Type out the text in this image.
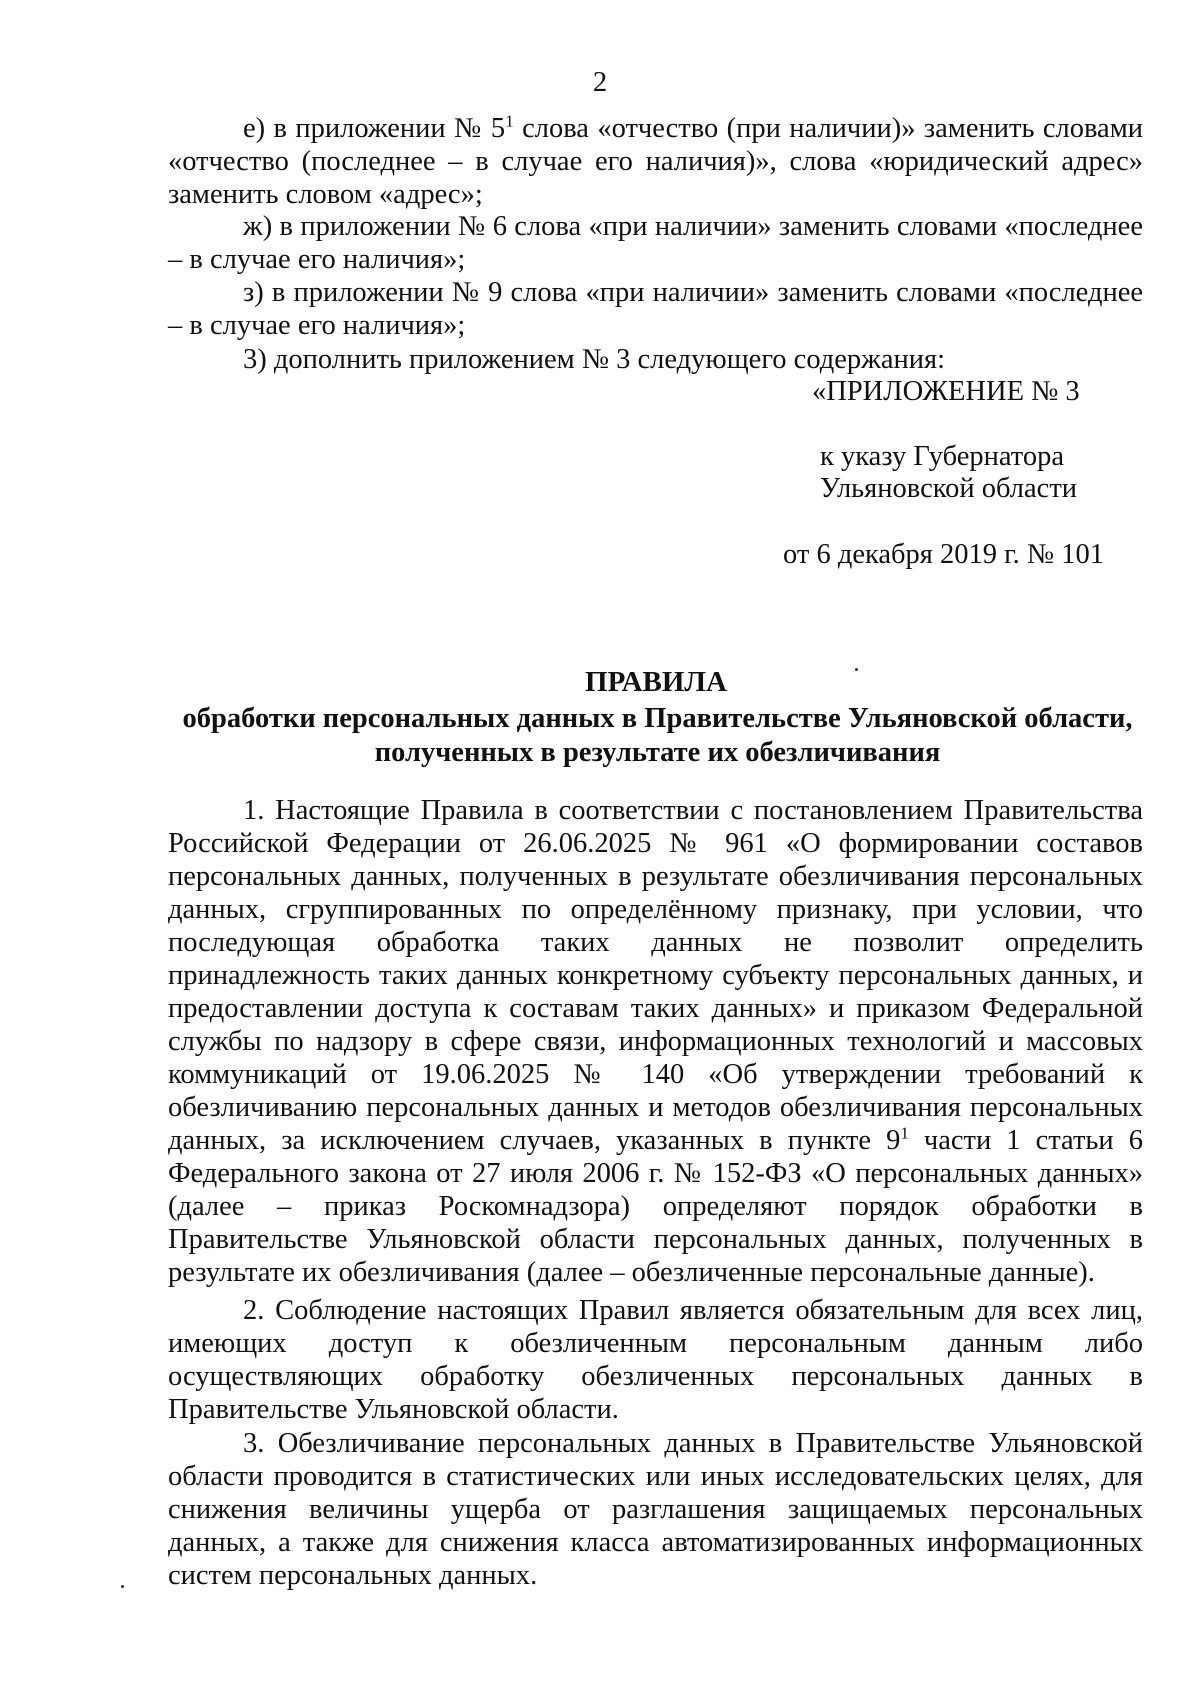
2

е) в приложении № $5^1$ слова «отчество (при наличии)» заменить словами «отчество (последнее – в случае его наличия)», слова «юридический адрес» заменить словом «адрес»;

ж) в приложении № 6 слова «при наличии» заменить словами «последнее – в случае его наличия»;

з) в приложении № 9 слова «при наличии» заменить словами «последнее – в случае его наличия»;

3) дополнить приложением № 3 следующего содержания:

«ПРИЛОЖЕНИЕ № 3
к указу Губернатора
Ульяновской области
от 6 декабря 2019 г. № 101
ПРАВИЛА
обработки персональных данных в Правительстве Ульяновской области,
полученных в результате их обезличивания

1. Настоящие Правила в соответствии с постановлением Правительства Российской Федерации от 26.06.2025 № 961 «О формировании составов персональных данных, полученных в результате обезличивания персональных данных, сгруппированных по определённому признаку, при условии, что последующая обработка таких данных не позволит определить принадлежность таких данных конкретному субъекту персональных данных, и предоставлении доступа к составам таких данных» и приказом Федеральной службы по надзору в сфере связи, информационных технологий и массовых коммуникаций от 19.06.2025 № 140 «Об утверждении требований к обезличиванию персональных данных и методов обезличивания персональных данных, за исключением случаев, указанных в пункте $9^1$ части 1 статьи 6 Федерального закона от 27 июля 2006 г. № 152-ФЗ «О персональных данных» (далее – приказ Роскомнадзора) определяют порядок обработки в Правительстве Ульяновской области персональных данных, полученных в результате их обезличивания (далее – обезличенные персональные данные).

2. Соблюдение настоящих Правил является обязательным для всех лиц, имеющих доступ к обезличенным персональным данным либо осуществляющих обработку обезличенных персональных данных в Правительстве Ульяновской области.

3. Обезличивание персональных данных в Правительстве Ульяновской области проводится в статистических или иных исследовательских целях, для снижения величины ущерба от разглашения защищаемых персональных данных, а также для снижения класса автоматизированных информационных систем персональных данных.
